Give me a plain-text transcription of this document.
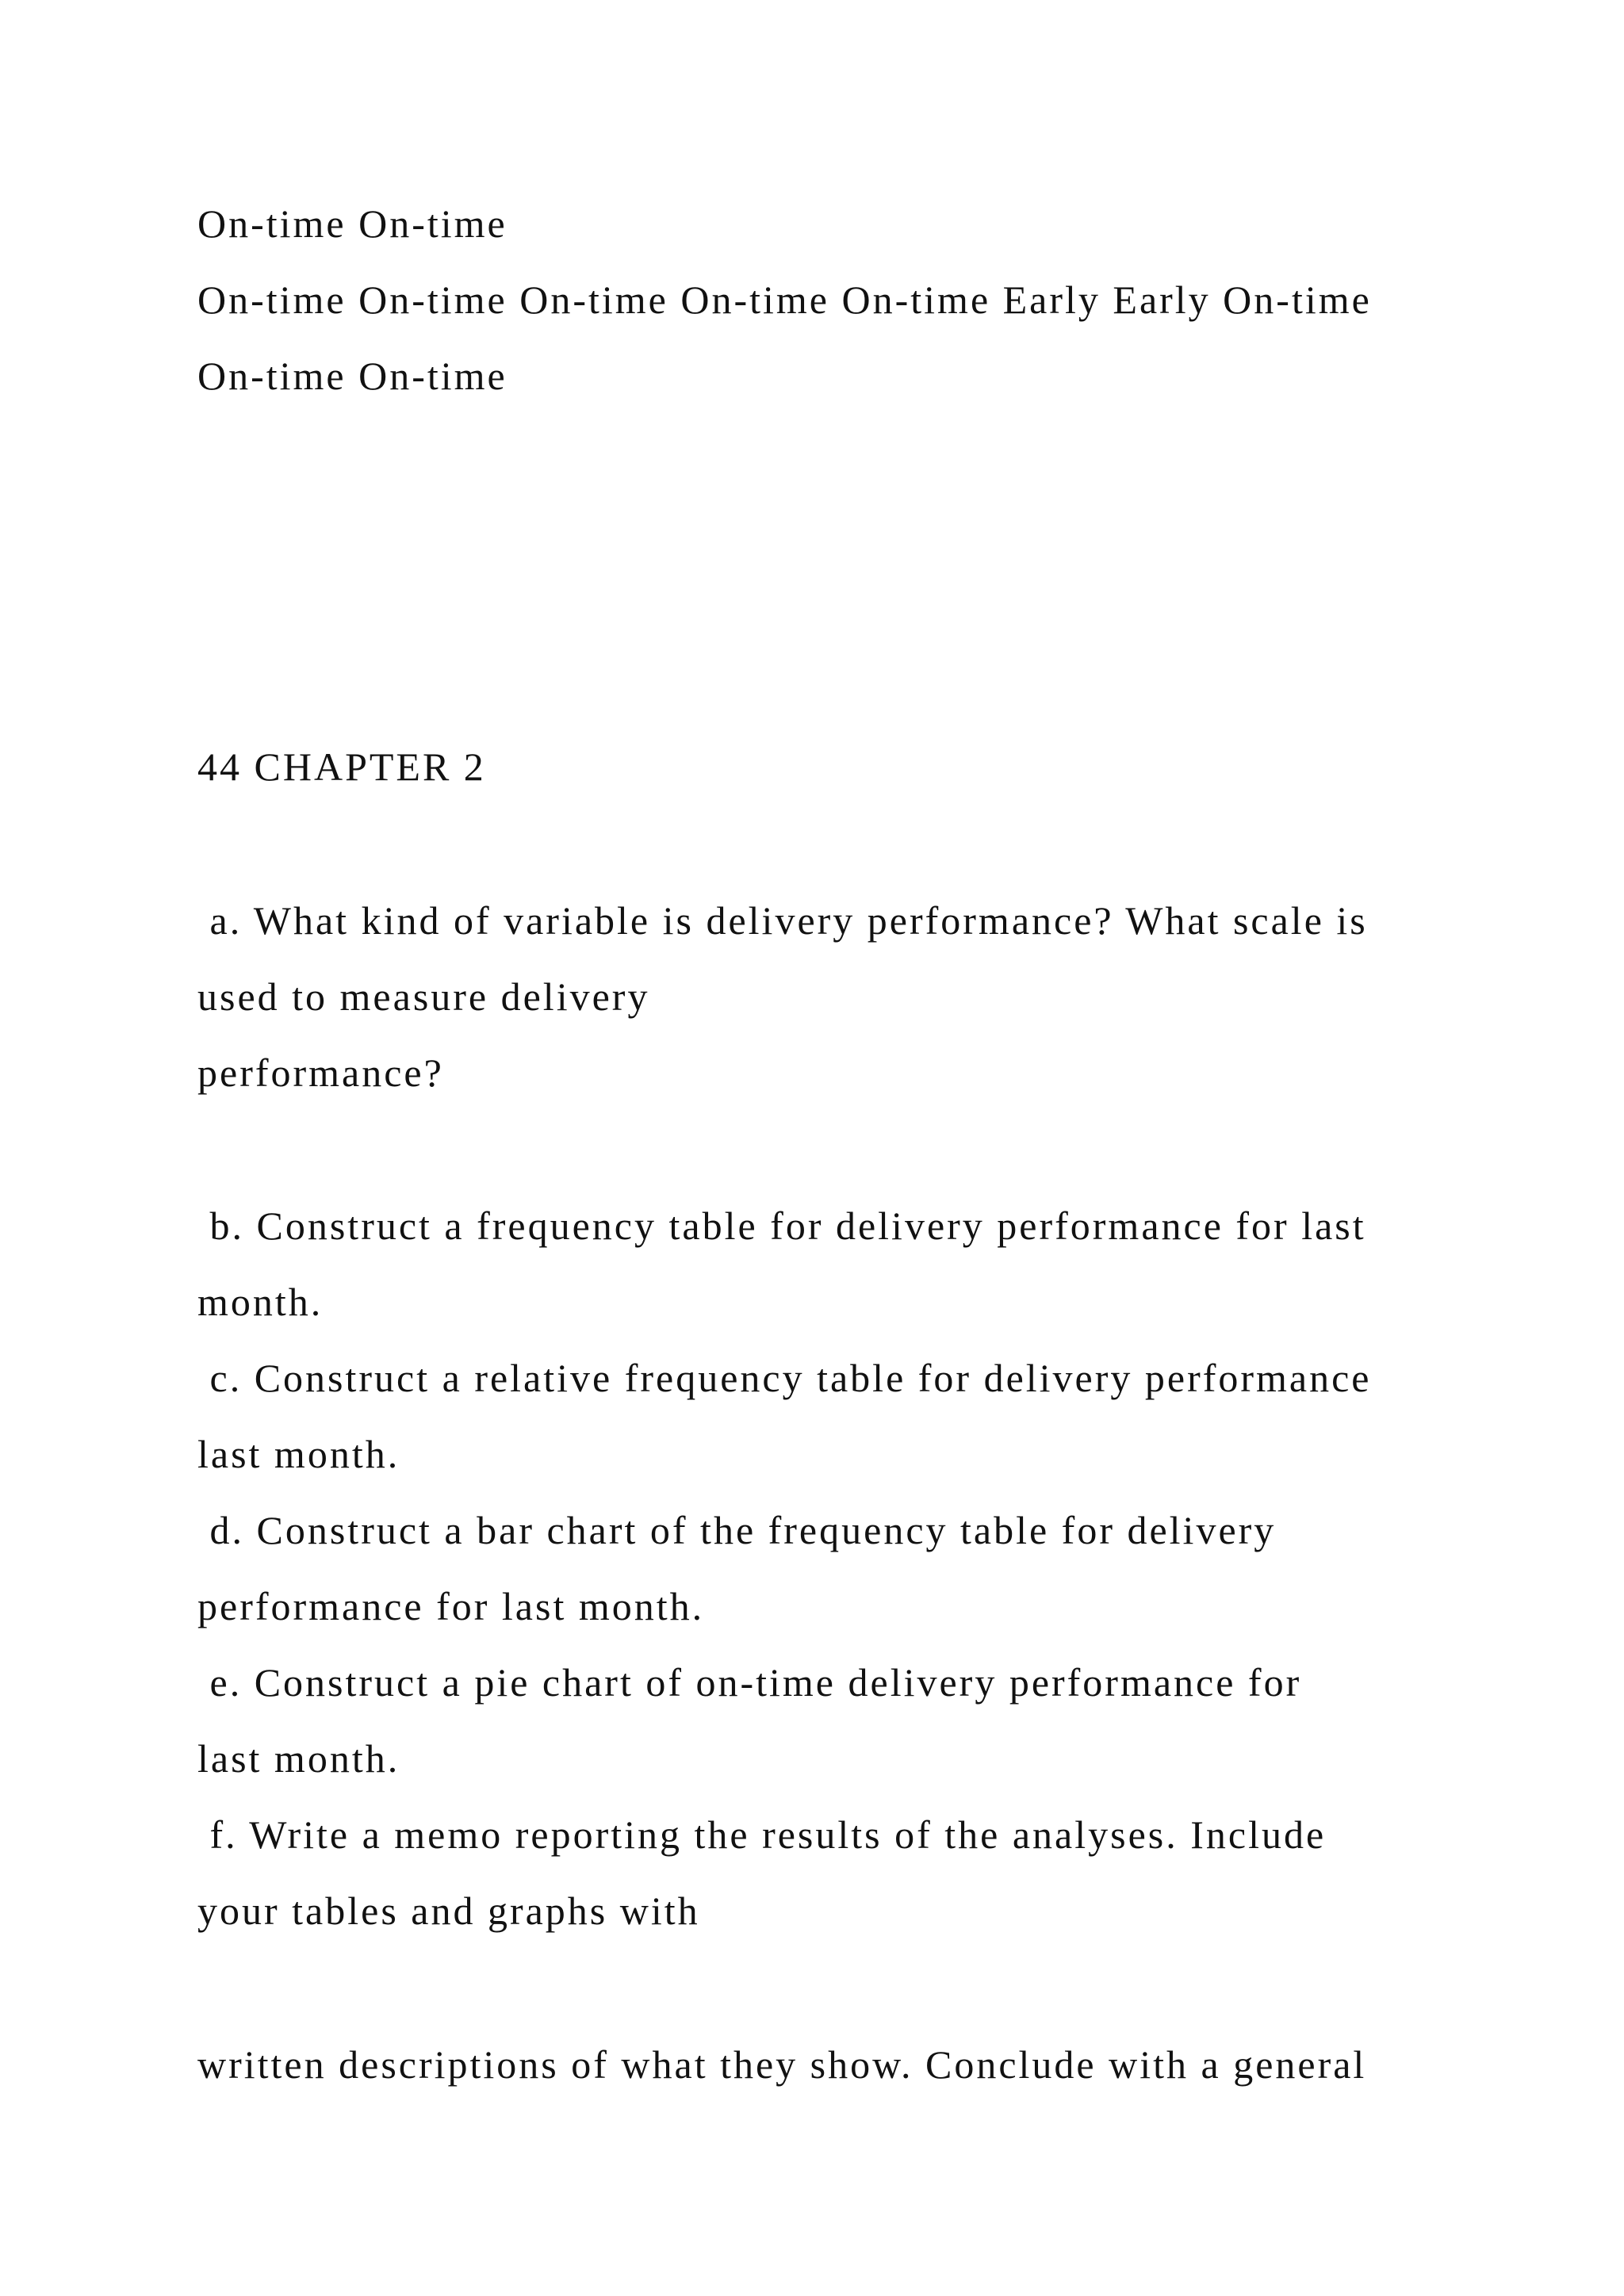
On-time On-time

On-time On-time On-time On-time On-time Early Early On-time

On-time On-time

44 CHAPTER 2

a. What kind of variable is delivery performance? What scale is

used to measure delivery

performance?

b. Construct a frequency table for delivery performance for last

month.

c. Construct a relative frequency table for delivery performance

last month.

d. Construct a bar chart of the frequency table for delivery

performance for last month.

e. Construct a pie chart of on-time delivery performance for

last month.

f. Write a memo reporting the results of the analyses. Include

your tables and graphs with

written descriptions of what they show. Conclude with a general
